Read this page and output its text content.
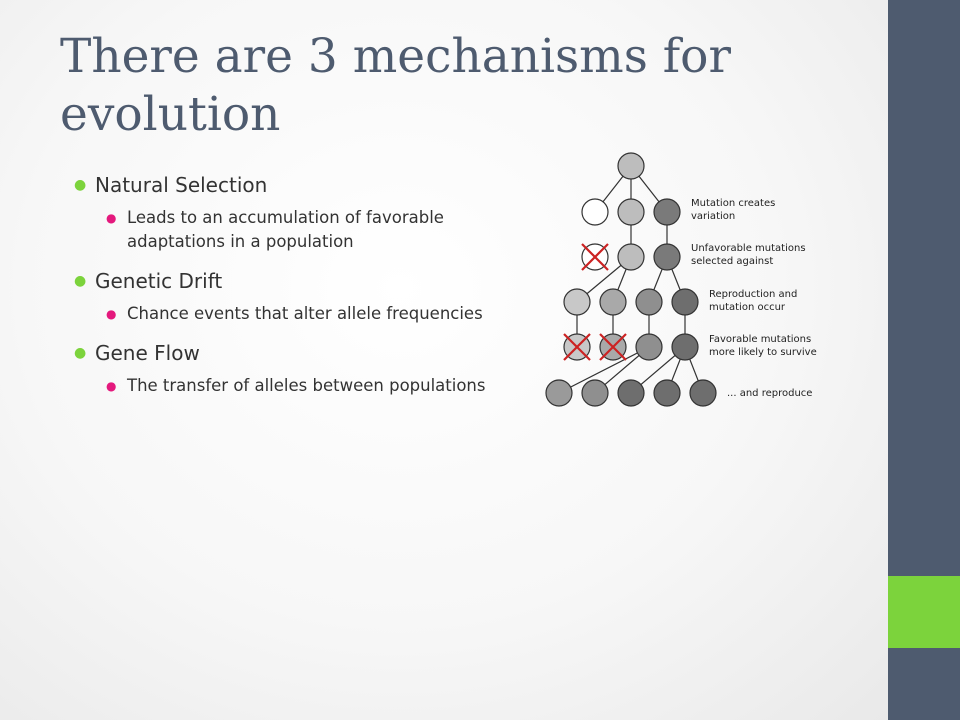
There are 3 mechanisms for evolution
● Natural Selection
● Leads to an accumulation of favorable adaptations in a population
● Genetic Drift
● Chance events that alter allele frequencies
● Gene Flow
● The transfer of alleles between populations
Mutation creates
variation
Unfavorable mutations
selected against
Reproduction and
mutation occur
Favorable mutations
more likely to survive
... and reproduce
